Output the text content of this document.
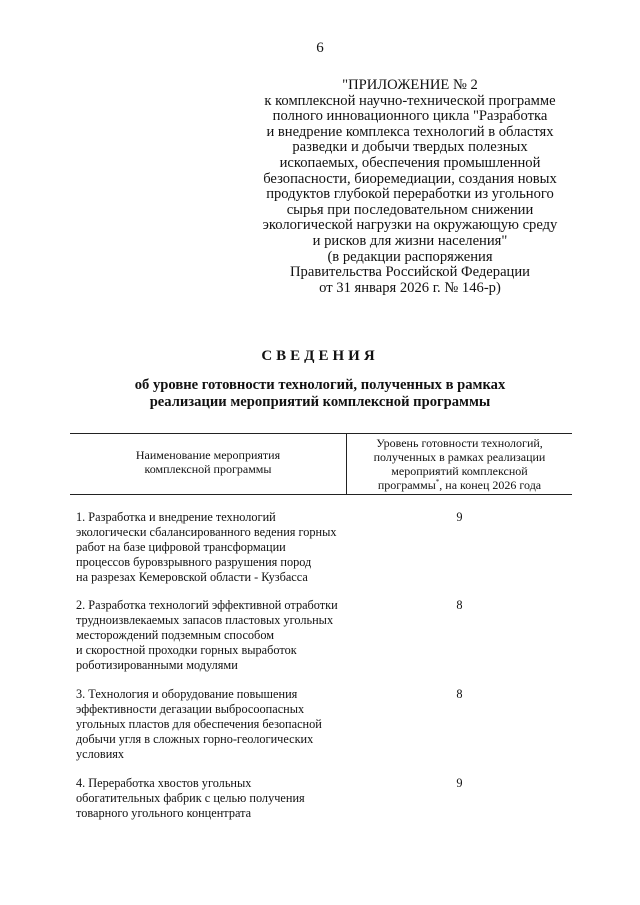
6
"ПРИЛОЖЕНИЕ № 2
к комплексной научно-технической программе
полного инновационного цикла "Разработка
и внедрение комплекса технологий в областях
разведки и добычи твердых полезных
ископаемых, обеспечения промышленной
безопасности, биоремедиации, создания новых
продуктов глубокой переработки из угольного
сырья при последовательном снижении
экологической нагрузки на окружающую среду
и рисков для жизни населения"
(в редакции распоряжения
Правительства Российской Федерации
от 31 января 2026 г. № 146-р)
СВЕДЕНИЯ
об уровне готовности технологий, полученных в рамках
реализации мероприятий комплексной программы
Наименование мероприятия
комплексной программы
Уровень готовности технологий,
полученных в рамках реализации
мероприятий комплексной
программы*, на конец 2026 года
1. Разработка и внедрение технологий
экологически сбалансированного ведения горных
работ на базе цифровой трансформации
процессов буровзрывного разрушения пород
на разрезах Кемеровской области - Кузбасса
9
2. Разработка технологий эффективной отработки
трудноизвлекаемых запасов пластовых угольных
месторождений подземным способом
и скоростной проходки горных выработок
роботизированными модулями
8
3. Технология и оборудование повышения
эффективности дегазации выбросоопасных
угольных пластов для обеспечения безопасной
добычи угля в сложных горно-геологических
условиях
8
4. Переработка хвостов угольных
обогатительных фабрик с целью получения
товарного угольного концентрата
9
